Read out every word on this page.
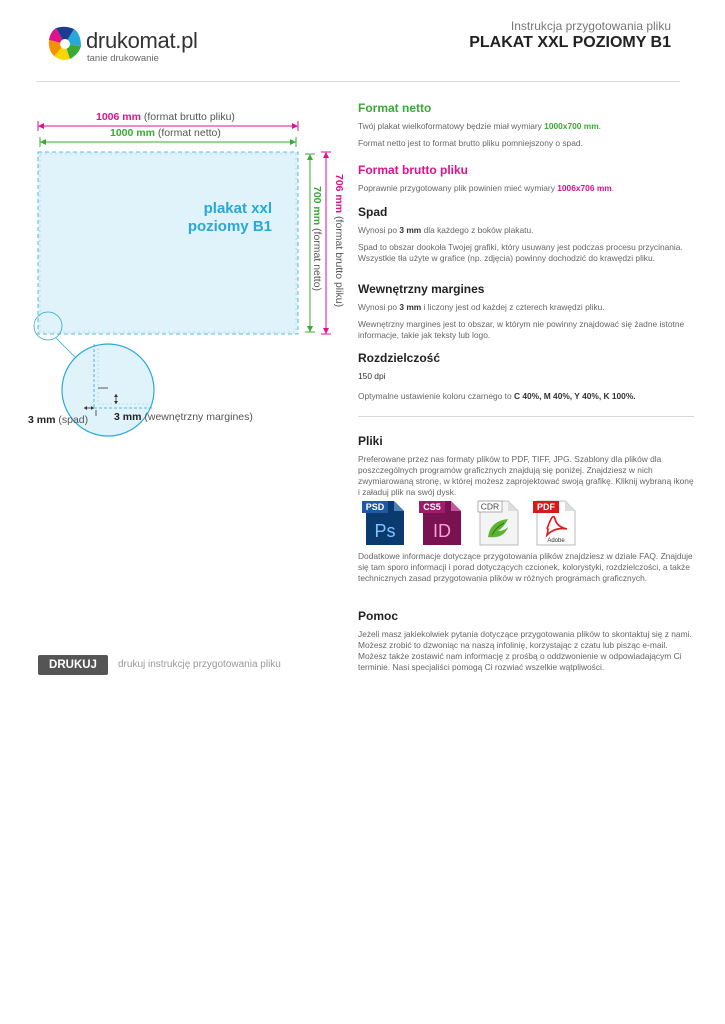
drukomat.pl
tanie drukowanie
Instrukcja przygotowania pliku
PLAKAT XXL POZIOMY B1
1006 mm (format brutto pliku)
1000 mm (format netto)
plakat xxl
poziomy B1
706 mm (format brutto pliku)
700 mm (format netto)
3 mm (spad) 3 mm (wewnętrzny margines)
DRUKUJ	drukuj instrukcję przygotowania pliku
Format netto
Twój plakat wielkoformatowy będzie miał wymiary 1000x700 mm.
Format netto jest to format brutto pliku pomniejszony o spad.
Format brutto pliku
Poprawnie przygotowany plik powinien mieć wymiary 1006x706 mm.
Spad
Wynosi po 3 mm dla każdego z boków plakatu.
Spad to obszar dookoła Twojej grafiki, który usuwany jest podczas procesu przycinania. Wszystkie tła użyte w grafice (np. zdjęcia) powinny dochodzić do krawędzi pliku.
Wewnętrzny margines
Wynosi po 3 mm i liczony jest od każdej z czterech krawędzi pliku.
Wewnętrzny margines jest to obszar, w którym nie powinny znajdować się żadne istotne informacje, takie jak teksty lub logo.
Rozdzielczość
150 dpi
Optymalne ustawienie koloru czarnego to C 40%, M 40%, Y 40%, K 100%.
Pliki
Preferowane przez nas formaty plików to PDF, TIFF, JPG. Szablony dla plików dla poszczególnych programów graficznych znajdują się poniżej. Znajdziesz w nich zwymiarowaną stronę, w której możesz zaprojektować swoją grafikę. Kliknij wybraną ikonę i załaduj plik na swój dysk.
PSD
Ps
CS5
ID
CDR	PDF
Adobe
Dodatkowe informacje dotyczące przygotowania plików znajdziesz w dziale FAQ. Znajduje się tam sporo informacji i porad dotyczących czcionek, kolorystyki, rozdzielczości, a także technicznych zasad przygotowania plików w różnych programach graficznych.
Pomoc
Jeżeli masz jakiekolwiek pytania dotyczące przygotowania plików to skontaktuj się z nami. Możesz zrobić to dzwoniąc na naszą infolinię, korzystając z czatu lub pisząc e-mail. Możesz także zostawić nam informację z prośbą o oddzwonienie w odpowiadającym Ci terminie. Nasi specjaliści pomogą Ci rozwiać wszelkie wątpliwości.
